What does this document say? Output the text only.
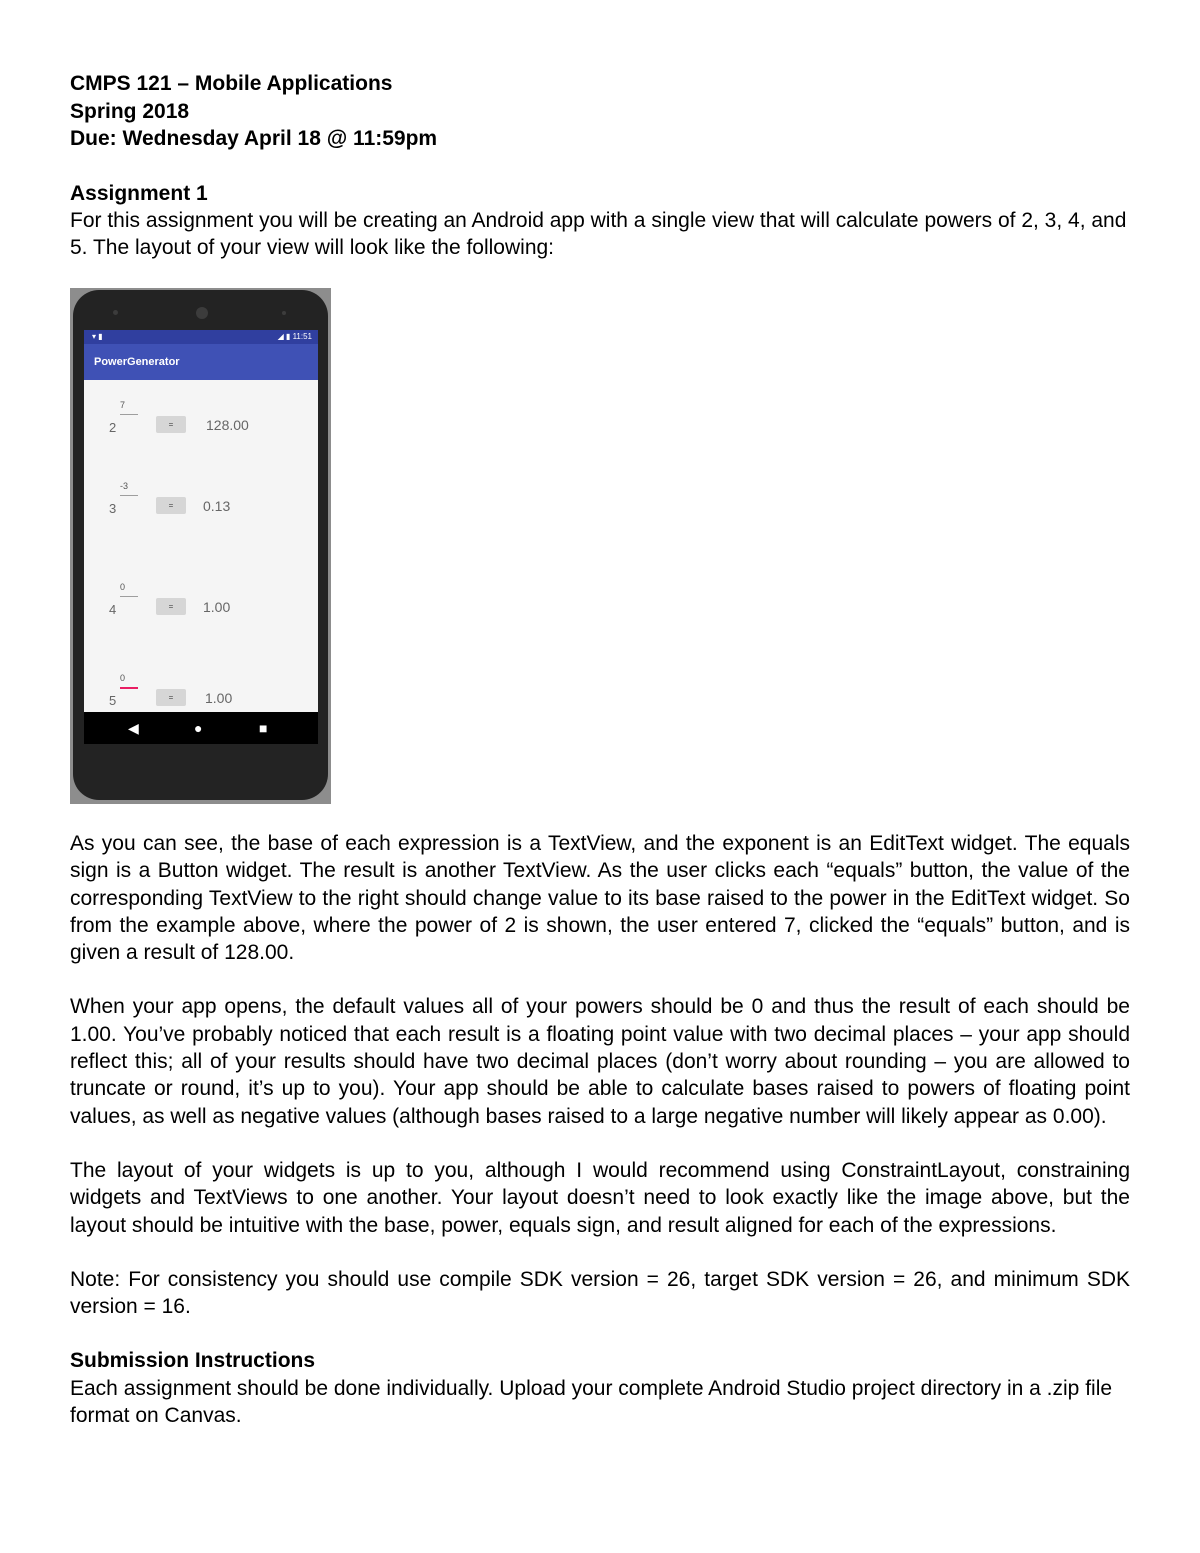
CMPS 121 – Mobile Applications
Spring 2018
Due: Wednesday April 18 @ 11:59pm
Assignment 1

For this assignment you will be creating an Android app with a single view that will calculate powers of 2, 3, 4, and 5. The layout of your view will look like the following:

▾ ▮	◢ ▮ 11:51
PowerGenerator
2
7
=	128.00
3
-3
=	0.13
4
0
=	1.00
5
0
=	1.00
◀	●	■

As you can see, the base of each expression is a TextView, and the exponent is an EditText widget. The equals sign is a Button widget. The result is another TextView. As the user clicks each “equals” button, the value of the corresponding TextView to the right should change value to its base raised to the power in the EditText widget. So from the example above, where the power of 2 is shown, the user entered 7, clicked the “equals” button, and is given a result of 128.00.

When your app opens, the default values all of your powers should be 0 and thus the result of each should be 1.00. You’ve probably noticed that each result is a floating point value with two decimal places – your app should reflect this; all of your results should have two decimal places (don’t worry about rounding – you are allowed to truncate or round, it’s up to you). Your app should be able to calculate bases raised to powers of floating point values, as well as negative values (although bases raised to a large negative number will likely appear as 0.00).

The layout of your widgets is up to you, although I would recommend using ConstraintLayout, constraining widgets and TextViews to one another. Your layout doesn’t need to look exactly like the image above, but the layout should be intuitive with the base, power, equals sign, and result aligned for each of the expressions.

Note: For consistency you should use compile SDK version = 26, target SDK version = 26, and minimum SDK version = 16.

Submission Instructions

Each assignment should be done individually. Upload your complete Android Studio project directory in a .zip file format on Canvas.
